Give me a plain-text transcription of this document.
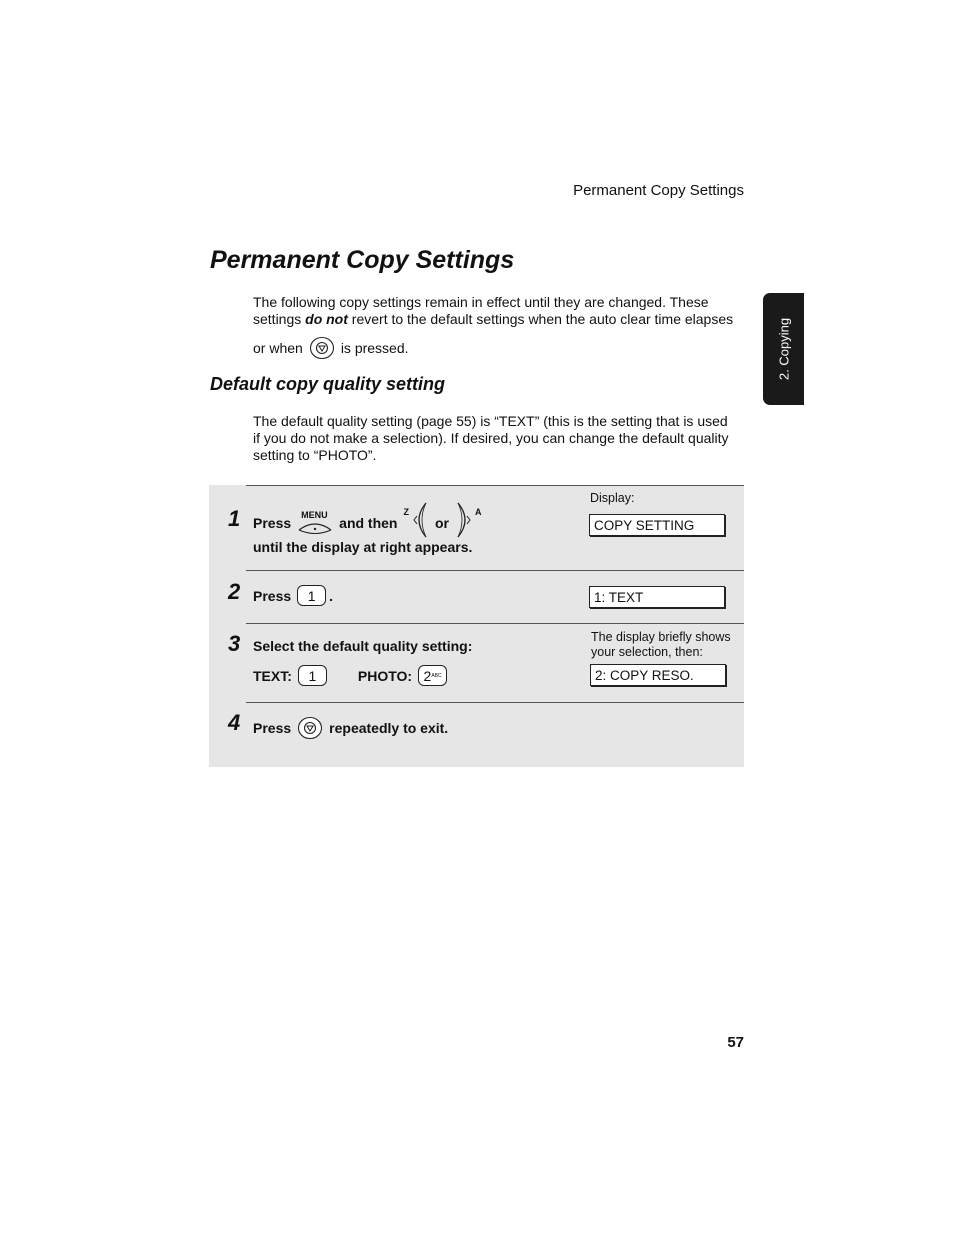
Permanent Copy Settings
2. Copying
Permanent Copy Settings
The following copy settings remain in effect until they are changed. These
settings do not revert to the default settings when the auto clear time elapses
or when	is pressed.
Default copy quality setting

The default quality setting (page 55) is “TEXT” (this is the setting that is used if you do not make a selection). If desired, you can change the default quality setting to “PHOTO”.

1 Press MENU and then
Z
or
A
until the display at right appears.
Display:
COPY SETTING
2 Press 1 .	1: TEXT
3 Select the default quality setting:
TEXT: 1	PHOTO: 2 ABC
The display briefly shows your selection, then:
2: COPY RESO.
4 Press	repeatedly to exit.
57
